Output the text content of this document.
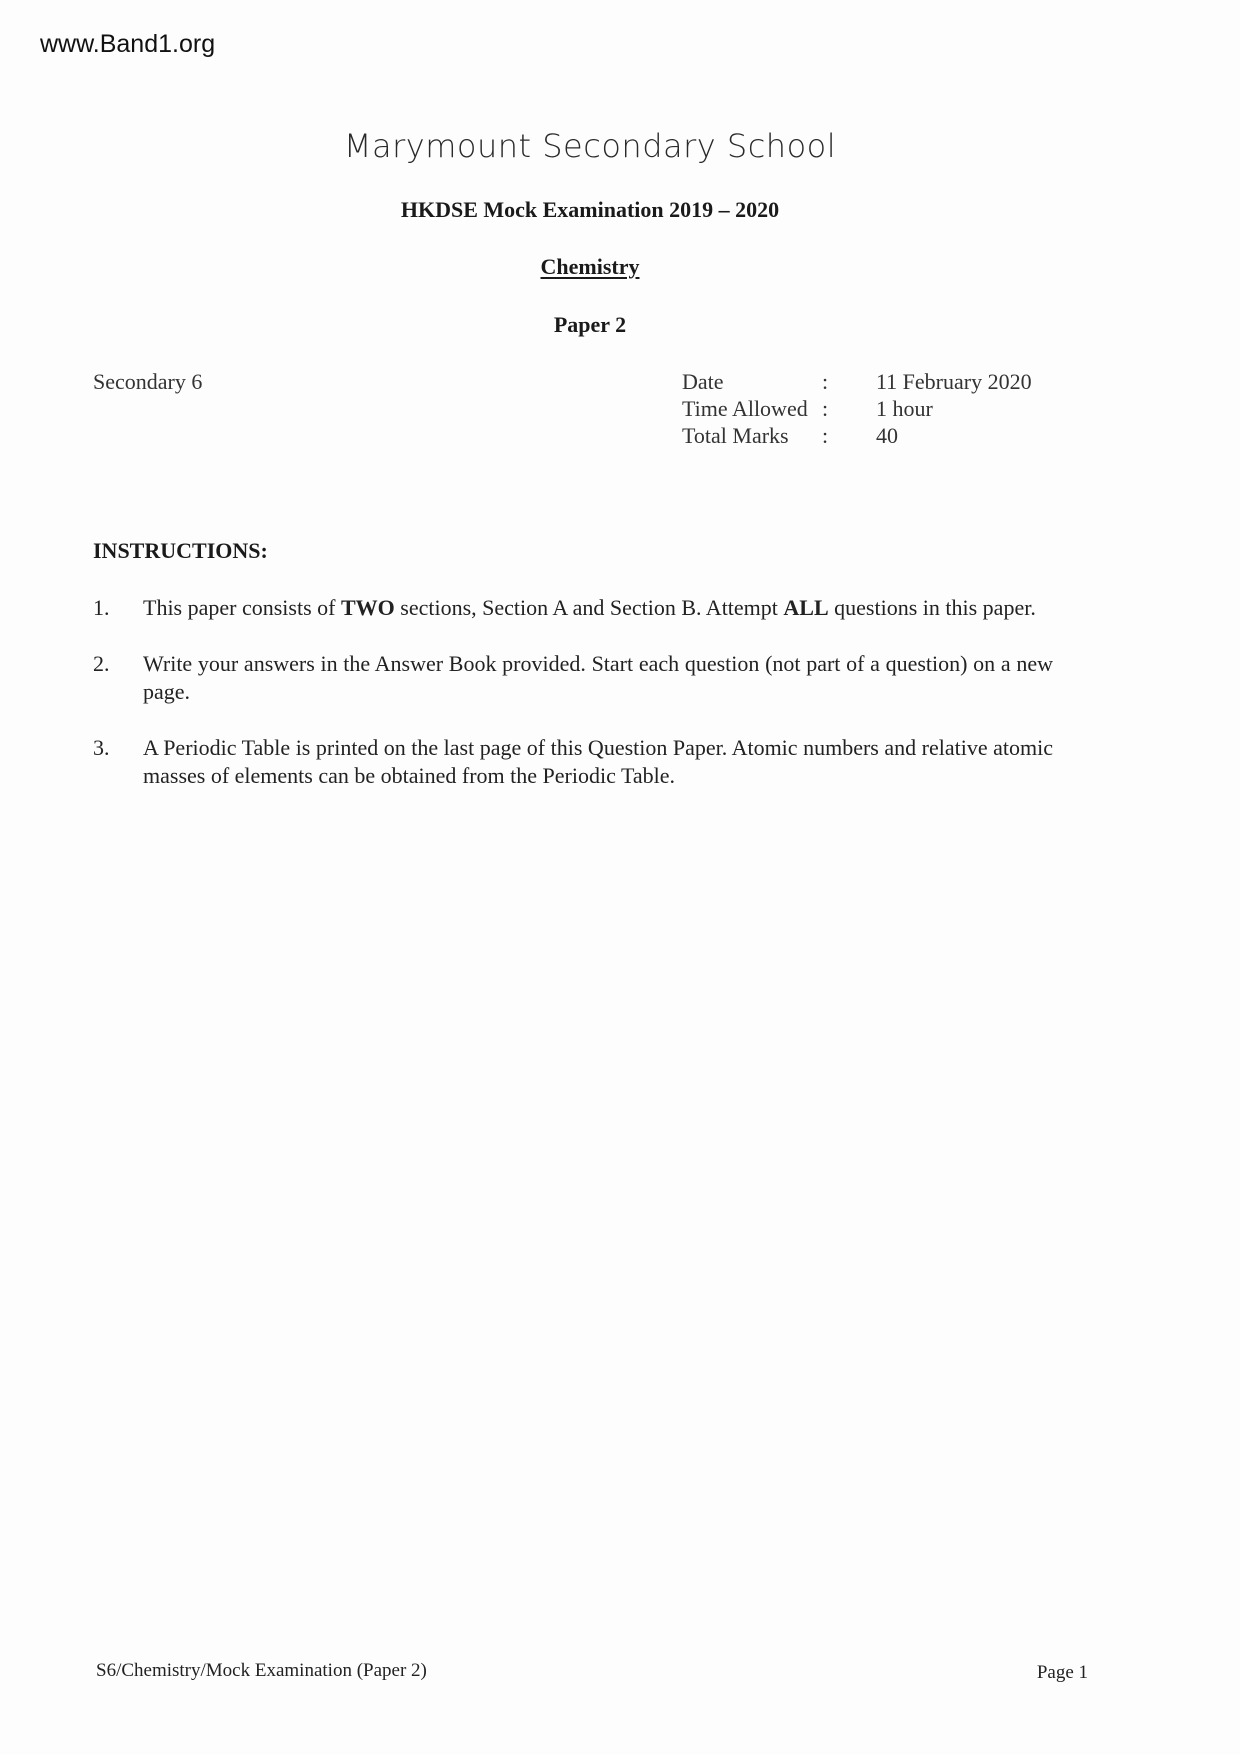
www.Band1.org
Marymount Secondary School
HKDSE Mock Examination 2019 – 2020
Chemistry
Paper 2
Secondary 6	Date	: 11 February 2020
Time Allowed : 1 hour
Total Marks : 40
INSTRUCTIONS:
1. This paper consists of TWO sections, Section A and Section B. Attempt ALL questions in this paper.
2. Write your answers in the Answer Book provided. Start each question (not part of a question) on a new page.
3. A Periodic Table is printed on the last page of this Question Paper. Atomic numbers and relative atomic masses of elements can be obtained from the Periodic Table.
S6/Chemistry/Mock Examination (Paper 2)	Page 1
